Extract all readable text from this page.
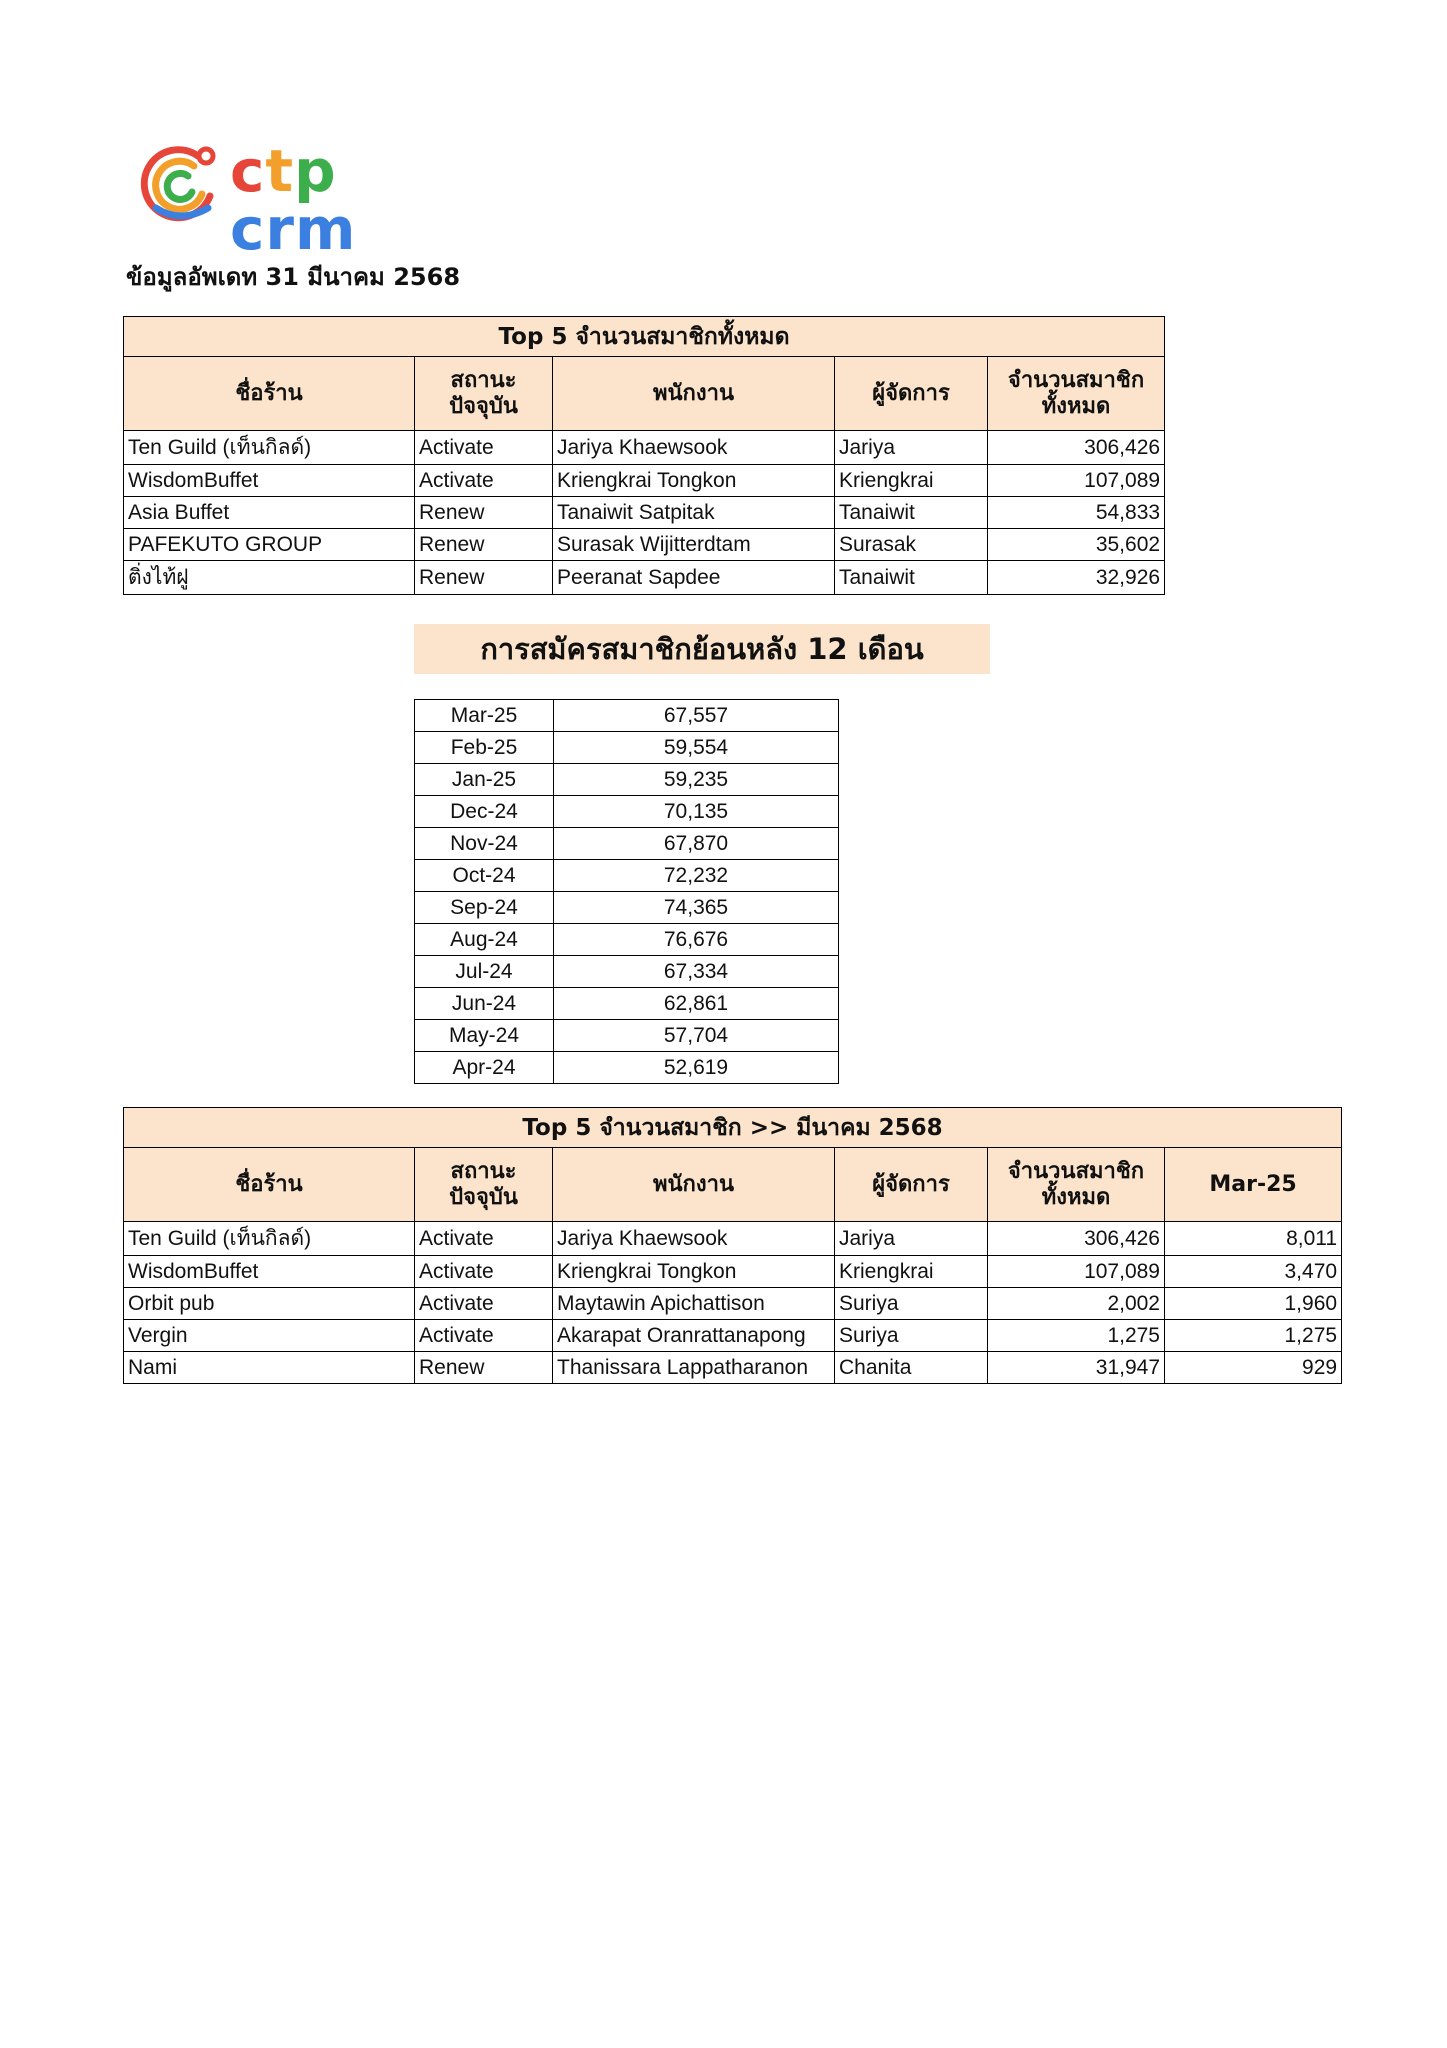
ctp crm
ข้อมูลอัพเดท 31 มีนาคม 2568
Top 5 จำนวนสมาชิกทั้งหมด				
ชื่อร้าน	สถานะปัจจุบัน	พนักงาน	ผู้จัดการ	จำนวนสมาชิกทั้งหมด
Ten Guild (เท็นกิลด์)	Activate	Jariya Khaewsook	Jariya	306,426
WisdomBuffet	Activate	Kriengkrai Tongkon	Kriengkrai	107,089
Asia Buffet	Renew	Tanaiwit Satpitak	Tanaiwit	54,833
PAFEKUTO GROUP	Renew	Surasak Wijitterdtam	Surasak	35,602
ติ่งไท้ฝู	Renew	Peeranat Sapdee	Tanaiwit	32,926
การสมัครสมาชิกย้อนหลัง 12 เดือน
Mar-25	67,557
Feb-25	59,554
Jan-25	59,235
Dec-24	70,135
Nov-24	67,870
Oct-24	72,232
Sep-24	74,365
Aug-24	76,676
Jul-24	67,334
Jun-24	62,861
May-24	57,704
Apr-24	52,619
Top 5 จำนวนสมาชิก >> มีนาคม 2568					
ชื่อร้าน	สถานะปัจจุบัน	พนักงาน	ผู้จัดการ	จำนวนสมาชิกทั้งหมด	Mar-25
Ten Guild (เท็นกิลด์)	Activate	Jariya Khaewsook	Jariya	306,426	8,011
WisdomBuffet	Activate	Kriengkrai Tongkon	Kriengkrai	107,089	3,470
Orbit pub	Activate	Maytawin Apichattison	Suriya	2,002	1,960
Vergin	Activate	Akarapat Oranrattanapong	Suriya	1,275	1,275
Nami	Renew	Thanissara Lappatharanon	Chanita	31,947	929
